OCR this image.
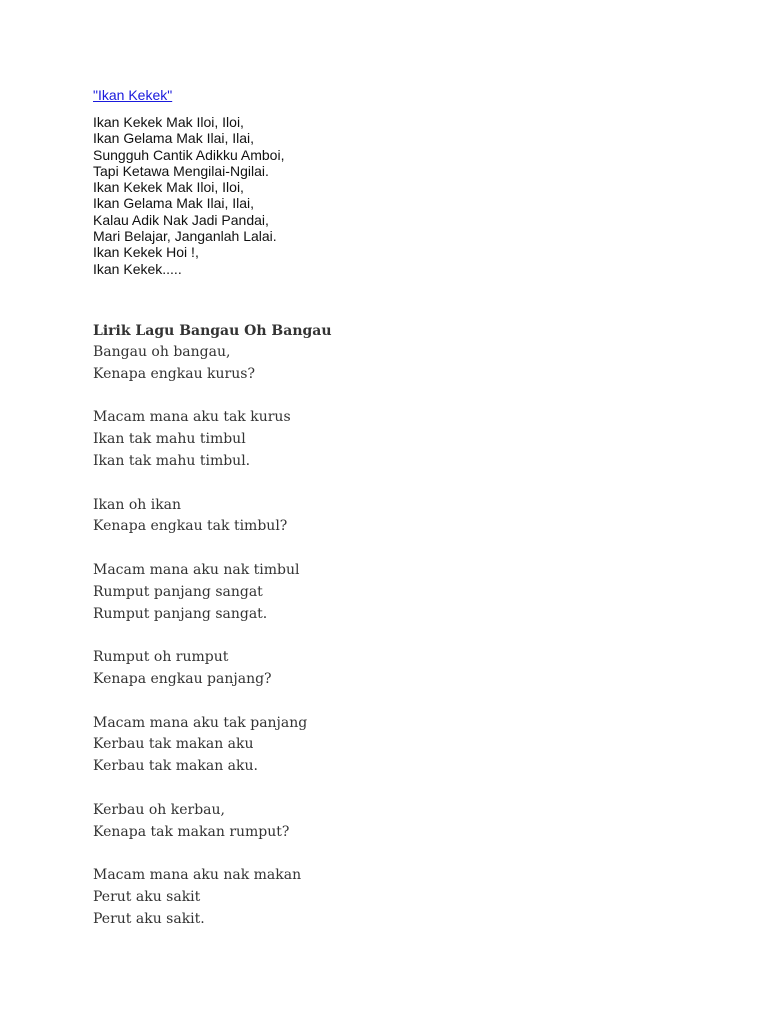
"Ikan Kekek"
Ikan Kekek Mak Iloi, Iloi,
Ikan Gelama Mak Ilai, Ilai,
Sungguh Cantik Adikku Amboi,
Tapi Ketawa Mengilai-Ngilai.
Ikan Kekek Mak Iloi, Iloi,
Ikan Gelama Mak Ilai, Ilai,
Kalau Adik Nak Jadi Pandai,
Mari Belajar, Janganlah Lalai.
Ikan Kekek Hoi !,
Ikan Kekek.....
Lirik Lagu Bangau Oh Bangau
Bangau oh bangau,
Kenapa engkau kurus?
Macam mana aku tak kurus
Ikan tak mahu timbul
Ikan tak mahu timbul.
Ikan oh ikan
Kenapa engkau tak timbul?
Macam mana aku nak timbul
Rumput panjang sangat
Rumput panjang sangat.
Rumput oh rumput
Kenapa engkau panjang?
Macam mana aku tak panjang
Kerbau tak makan aku
Kerbau tak makan aku.
Kerbau oh kerbau,
Kenapa tak makan rumput?
Macam mana aku nak makan
Perut aku sakit
Perut aku sakit.
